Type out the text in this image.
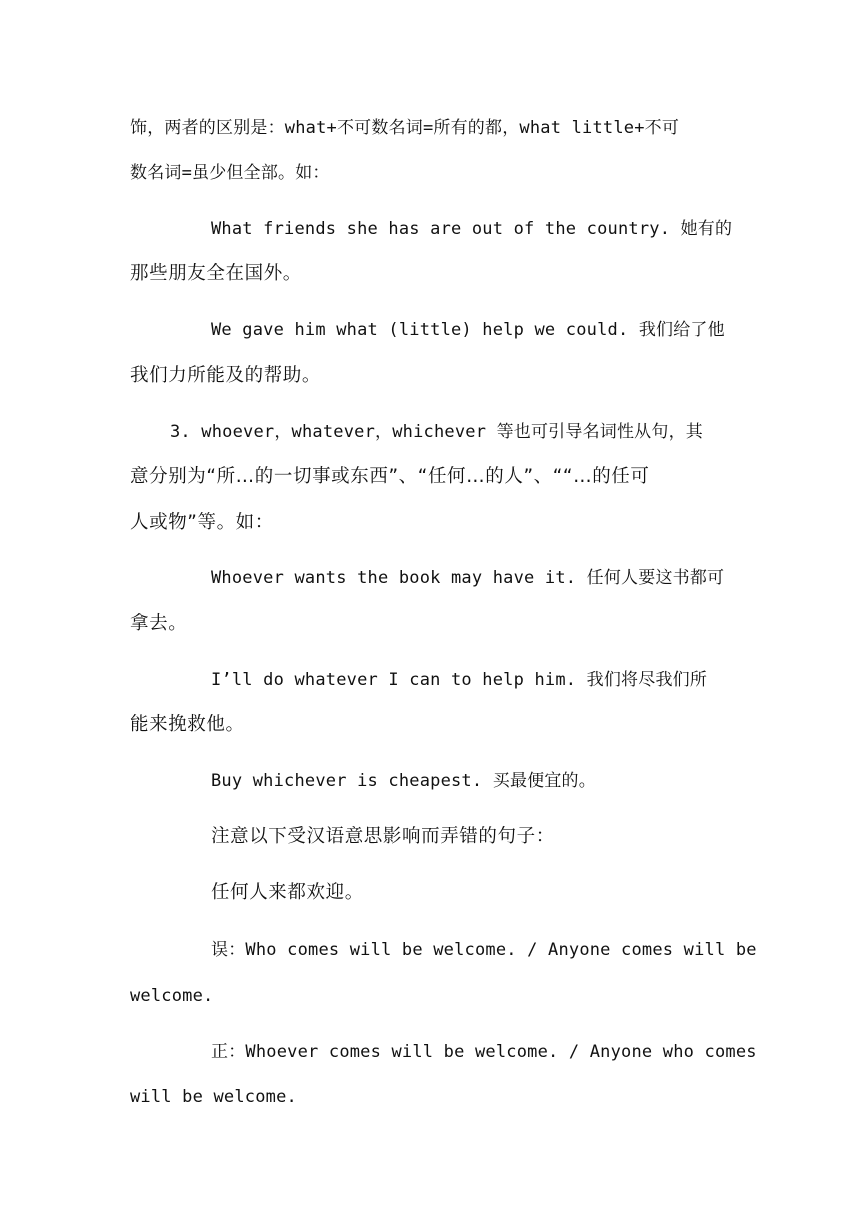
饰，两者的区别是：what+不可数名词=所有的都，what little+不可
数名词=虽少但全部。如：
What friends she has are out of the country. 她有的
那些朋友全在国外。
We gave him what (little) help we could. 我们给了他
我们力所能及的帮助。
3. whoever，whatever，whichever 等也可引导名词性从句，其
意分别为“所…的一切事或东西”、“任何…的人”、““…的任可
人或物”等。如：
Whoever wants the book may have it. 任何人要这书都可
拿去。
I’ll do whatever I can to help him. 我们将尽我们所
能来挽救他。
Buy whichever is cheapest. 买最便宜的。
注意以下受汉语意思影响而弄错的句子：
任何人来都欢迎。
误：Who comes will be welcome. / Anyone comes will be
welcome.
正：Whoever comes will be welcome. / Anyone who comes
will be welcome.
